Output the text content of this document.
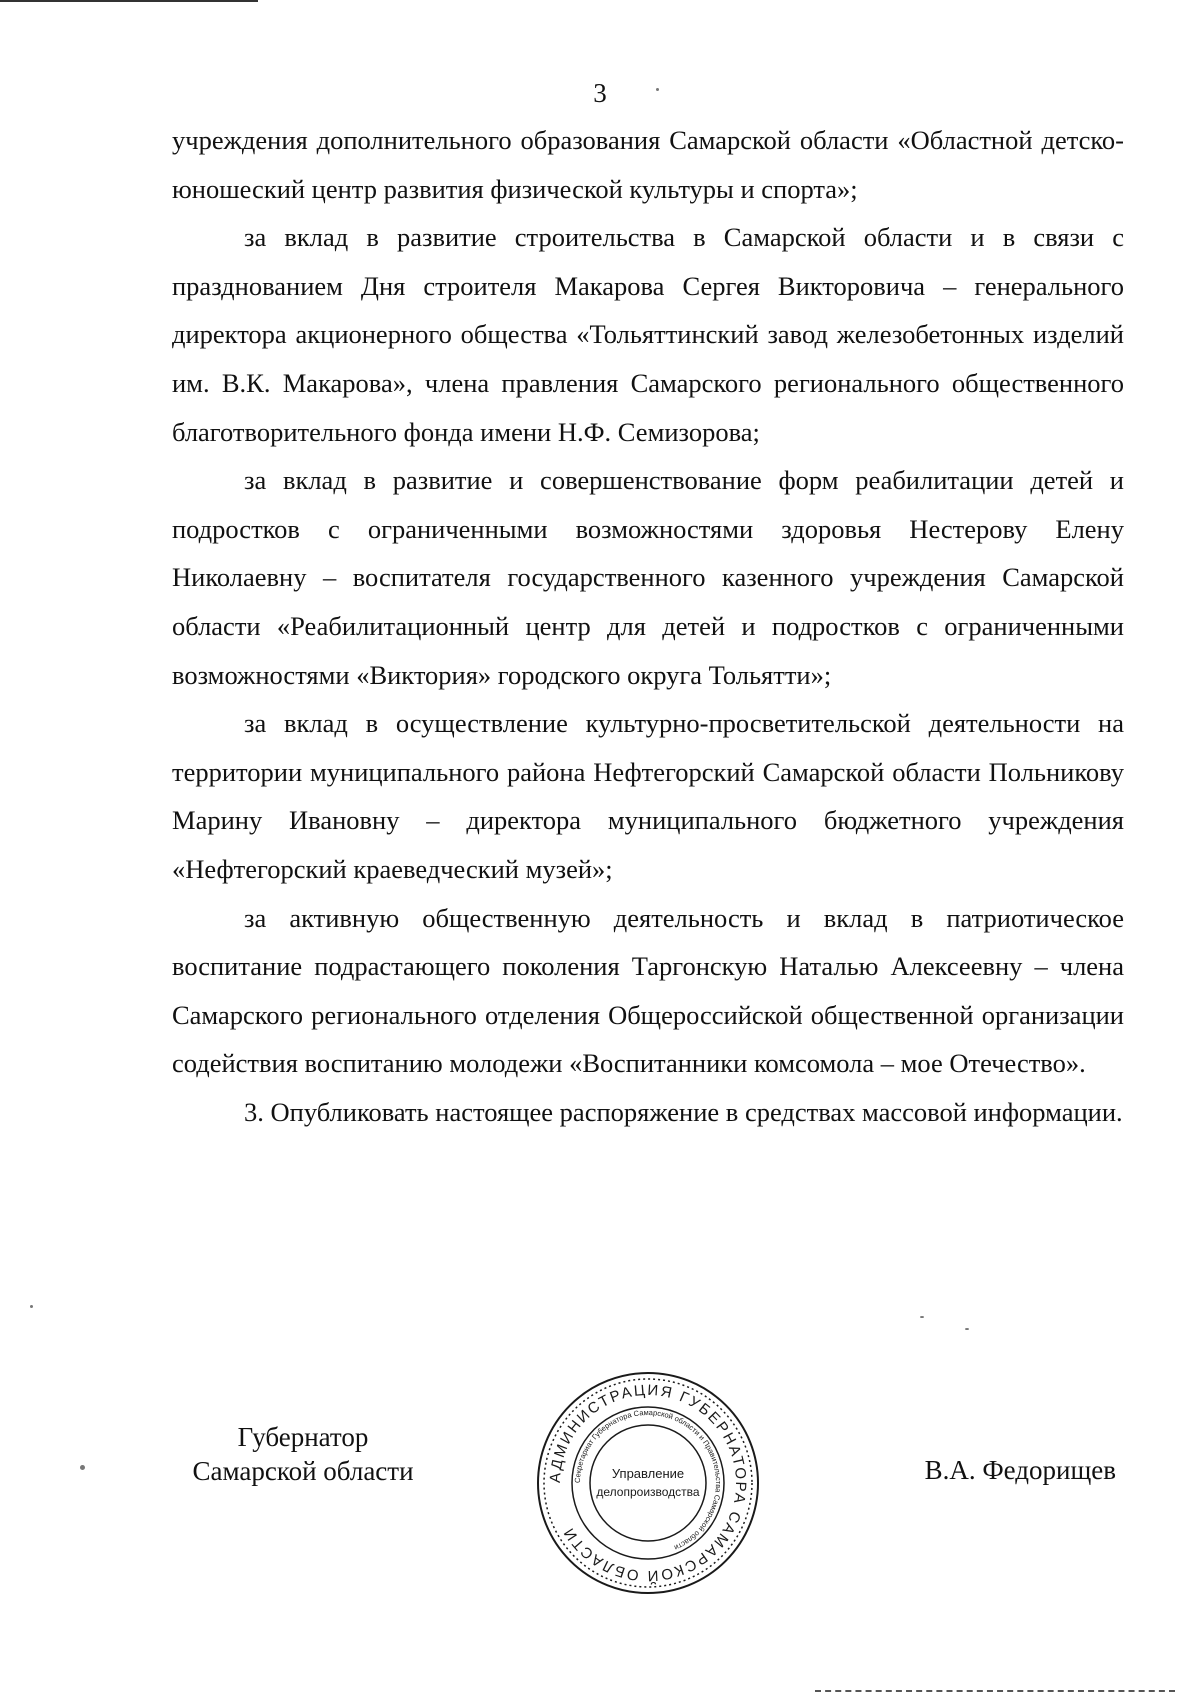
3

учреждения дополнительного образования Самарской области «Областной детско-юношеский центр развития физической культуры и спорта»;

за вклад в развитие строительства в Самарской области и в связи с празднованием Дня строителя Макарова Сергея Викторовича – генерального директора акционерного общества «Тольяттинский завод железобетонных изделий им. В.К. Макарова», члена правления Самарского регионального общественного благотворительного фонда имени Н.Ф. Семизорова;

за вклад в развитие и совершенствование форм реабилитации детей и подростков с ограниченными возможностями здоровья Нестерову Елену Николаевну – воспитателя государственного казенного учреждения Самарской области «Реабилитационный центр для детей и подростков с ограниченными возможностями «Виктория» городского округа Тольятти»;

за вклад в осуществление культурно-просветительской деятельности на территории муниципального района Нефтегорский Самарской области Польникову Марину Ивановну – директора муниципального бюджетного учреждения «Нефтегорский краеведческий музей»;

за активную общественную деятельность и вклад в патриотическое воспитание подрастающего поколения Таргонскую Наталью Алексеевну – члена Самарского регионального отделения Общероссийской общественной организации содействия воспитанию молодежи «Воспитанники комсомола – мое Отечество».

3. Опубликовать настоящее распоряжение в средствах массовой информации.

Губернатор
Самарской области	АДМИНИСТРАЦИЯ ГУБЕРНАТОРА САМАРСКОЙ ОБЛАСТИ
Секретариат Губернатора Самарской области и Правительства Самарской области
Управление
делопроизводства
В.А. Федорищев
